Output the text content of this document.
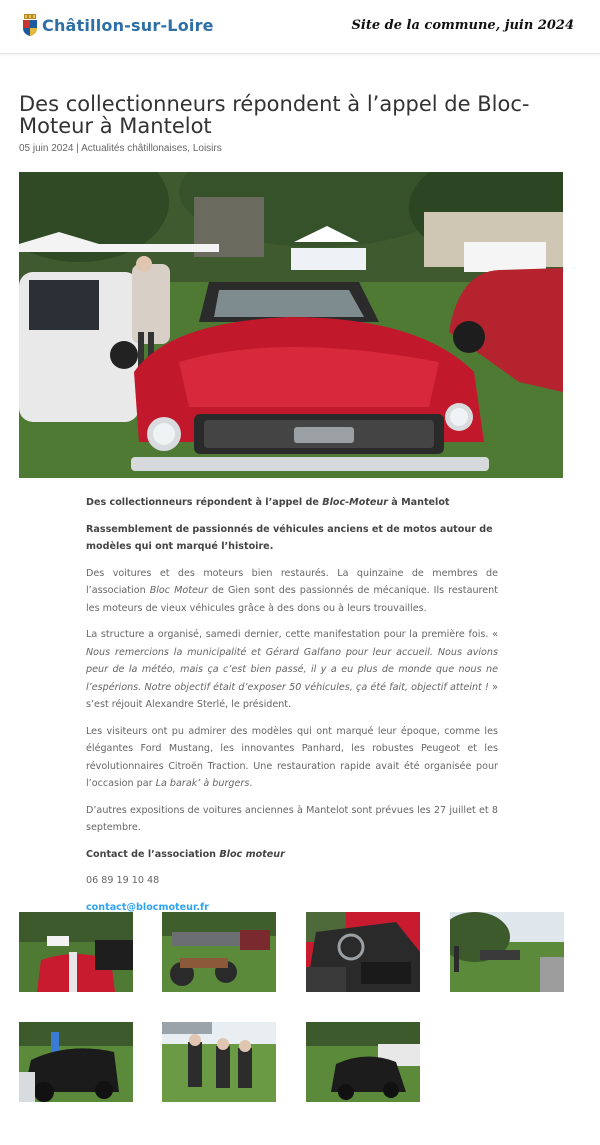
Châtillon-sur-Loire	Site de la commune, juin 2024
Des collectionneurs répondent à l’appel de Bloc-Moteur à Mantelot
05 juin 2024 | Actualités châtillonaises, Loisirs

Des collectionneurs répondent à l’appel de Bloc-Moteur à Mantelot

Rassemblement de passionnés de véhicules anciens et de motos autour de modèles qui ont marqué l’histoire.

Des voitures et des moteurs bien restaurés. La quinzaine de membres de l’association Bloc Moteur de Gien sont des passionnés de mécanique. Ils restaurent les moteurs de vieux véhicules grâce à des dons ou à leurs trouvailles.

La structure a organisé, samedi dernier, cette manifestation pour la première fois. « Nous remercions la municipalité et Gérard Galfano pour leur accueil. Nous avions peur de la météo, mais ça c’est bien passé, il y a eu plus de monde que nous ne l’espérions. Notre objectif était d’exposer 50 véhicules, ça été fait, objectif atteint ! » s’est réjouit Alexandre Sterlé, le président.

Les visiteurs ont pu admirer des modèles qui ont marqué leur époque, comme les élégantes Ford Mustang, les innovantes Panhard, les robustes Peugeot et les révolutionnaires Citroën Traction. Une restauration rapide avait été organisée pour l’occasion par La barak’ à burgers.

D’autres expositions de voitures anciennes à Mantelot sont prévues les 27 juillet et 8 septembre.

Contact de l’association Bloc moteur

06 89 19 10 48

contact@blocmoteur.fr
